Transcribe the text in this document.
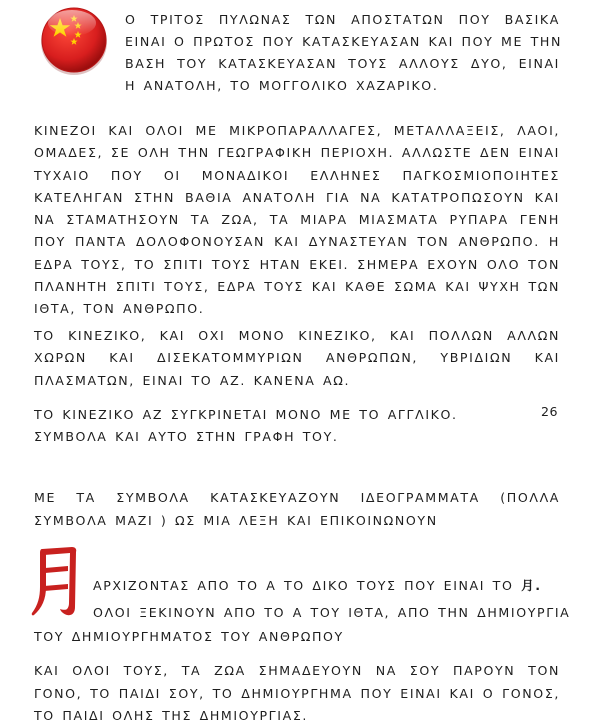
Ο ΤΡΙΤΟΣ ΠΥΛΩΝΑΣ ΤΩΝ ΑΠΟΣΤΑΤΩΝ ΠΟΥ ΒΑΣΙΚΑ
ΕΙΝΑΙ Ο ΠΡΩΤΟΣ ΠΟΥ ΚΑΤΑΣΚΕΥΑΣΑΝ ΚΑΙ ΠΟΥ ΜΕ ΤΗΝ
ΒΑΣΗ ΤΟΥ ΚΑΤΑΣΚΕΥΑΣΑΝ ΤΟΥΣ ΑΛΛΟΥΣ ΔΥΟ, ΕΙΝΑΙ
Η ΑΝΑΤΟΛΗ, ΤΟ ΜΟΓΓΟΛΙΚΟ ΧΑΖΑΡΙΚΟ.
ΚΙΝΕΖΟΙ ΚΑΙ ΟΛΟΙ ΜΕ ΜΙΚΡΟΠΑΡΑΛΛΑΓΕΣ, ΜΕΤΑΛΛΑΞΕΙΣ, ΛΑΟΙ,
ΟΜΑΔΕΣ, ΣΕ ΟΛΗ ΤΗΝ ΓΕΩΓΡΑΦΙΚΗ ΠΕΡΙΟΧΗ. ΑΛΛΩΣΤΕ ΔΕΝ ΕΙΝΑΙ
ΤΥΧΑΙΟ ΠΟΥ ΟΙ ΜΟΝΑΔΙΚΟΙ ΕΛΛΗΝΕΣ ΠΑΓΚΟΣΜΙΟΠΟΙΗΤΕΣ
ΚΑΤΕΛΗΓΑΝ ΣΤΗΝ ΒΑΘΙΑ ΑΝΑΤΟΛΗ ΓΙΑ ΝΑ ΚΑΤΑΤΡΟΠΩΣΟΥΝ ΚΑΙ
ΝΑ ΣΤΑΜΑΤΗΣΟΥΝ ΤΑ ΖΩΑ, ΤΑ ΜΙΑΡΑ ΜΙΑΣΜΑΤΑ ΡΥΠΑΡΑ ΓΕΝΗ
ΠΟΥ ΠΑΝΤΑ ΔΟΛΟΦΟΝΟΥΣΑΝ ΚΑΙ ΔΥΝΑΣΤΕΥΑΝ ΤΟΝ ΑΝΘΡΩΠΟ. Η
ΕΔΡΑ ΤΟΥΣ, ΤΟ ΣΠΙΤΙ ΤΟΥΣ ΗΤΑΝ ΕΚΕΙ. ΣΗΜΕΡΑ ΕΧΟΥΝ ΟΛΟ ΤΟΝ
ΠΛΑΝΗΤΗ ΣΠΙΤΙ ΤΟΥΣ, ΕΔΡΑ ΤΟΥΣ ΚΑΙ ΚΑΘΕ ΣΩΜΑ ΚΑΙ ΨΥΧΗ ΤΩΝ
ΙΘΤΑ, ΤΟΝ ΑΝΘΡΩΠΟ.
ΤΟ ΚΙΝΕΖΙΚΟ, ΚΑΙ ΟΧΙ ΜΟΝΟ ΚΙΝΕΖΙΚΟ, ΚΑΙ ΠΟΛΛΩΝ ΑΛΛΩΝ
ΧΩΡΩΝ ΚΑΙ ΔΙΣΕΚΑΤΟΜΜΥΡΙΩΝ ΑΝΘΡΩΠΩΝ, ΥΒΡΙΔΙΩΝ ΚΑΙ
ΠΛΑΣΜΑΤΩΝ, ΕΙΝΑΙ ΤΟ ΑΖ. ΚΑΝΕΝΑ ΑΩ.
ΤΟ ΚΙΝΕΖΙΚΟ ΑΖ ΣΥΓΚΡΙΝΕΤΑΙ ΜΟΝΟ ΜΕ ΤΟ ΑΓΓΛΙΚΟ.	26
ΣΥΜΒΟΛΑ ΚΑΙ ΑΥΤΟ ΣΤΗΝ ΓΡΑΦΗ ΤΟΥ.
ΜΕ ΤΑ ΣΥΜΒΟΛΑ ΚΑΤΑΣΚΕΥΑΖΟΥΝ ΙΔΕΟΓΡΑΜΜΑΤΑ (ΠΟΛΛΑ
ΣΥΜΒΟΛΑ ΜΑΖΙ ) ΩΣ ΜΙΑ ΛΕΞΗ ΚΑΙ ΕΠΙΚΟΙΝΩΝΟΥΝ
ΑΡΧΙΖΟΝΤΑΣ ΑΠΟ ΤΟ Α ΤΟ ΔΙΚΟ ΤΟΥΣ ΠΟΥ ΕΙΝΑΙ ΤΟ 月.
ΟΛΟΙ ΞΕΚΙΝΟΥΝ ΑΠΟ ΤΟ Α ΤΟΥ ΙΘΤΑ, ΑΠΟ ΤΗΝ ΔΗΜΙΟΥΡΓΙΑ
ΤΟΥ ΔΗΜΙΟΥΡΓΗΜΑΤΟΣ ΤΟΥ ΑΝΘΡΩΠΟΥ
ΚΑΙ ΟΛΟΙ ΤΟΥΣ, ΤΑ ΖΩΑ ΣΗΜΑΔΕΥΟΥΝ ΝΑ ΣΟΥ ΠΑΡΟΥΝ ΤΟΝ
ΓΟΝΟ, ΤΟ ΠΑΙΔΙ ΣΟΥ, ΤΟ ΔΗΜΙΟΥΡΓΗΜΑ ΠΟΥ ΕΙΝΑΙ ΚΑΙ Ο ΓΟΝΟΣ,
ΤΟ ΠΑΙΔΙ ΟΛΗΣ ΤΗΣ ΔΗΜΙΟΥΡΓΙΑΣ.
